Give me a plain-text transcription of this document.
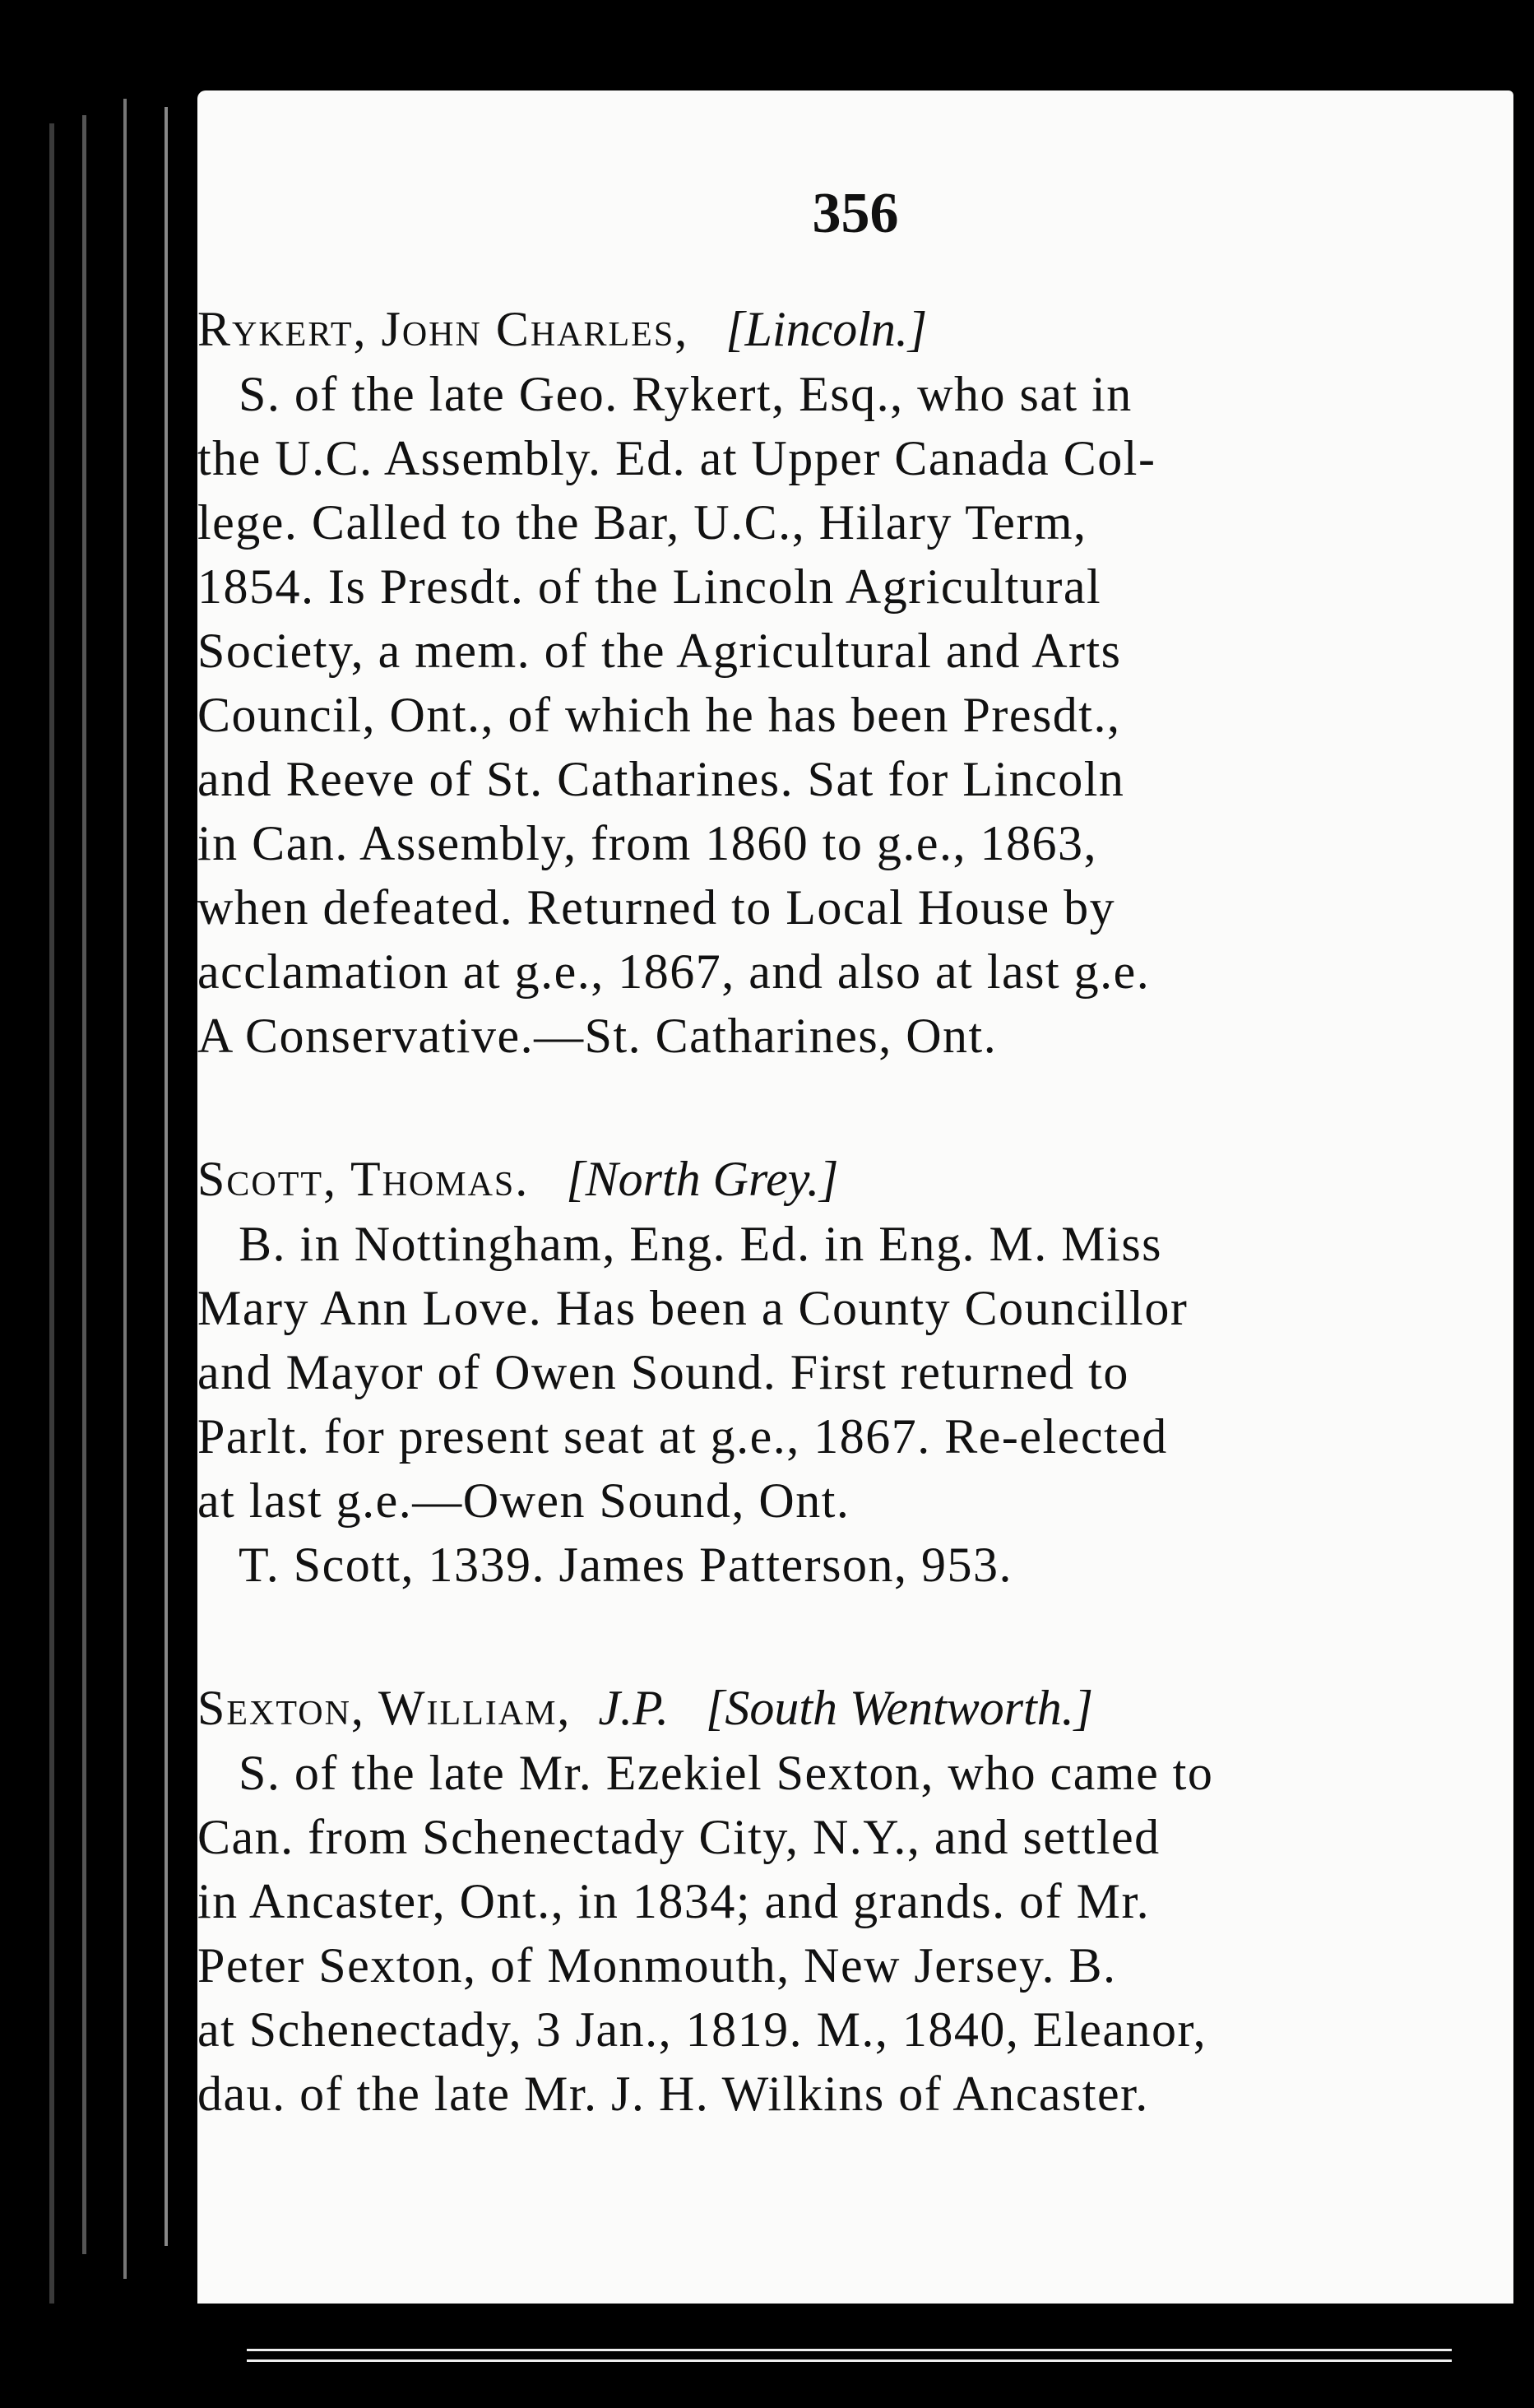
356
Rykert, John Charles, [Lincoln.]
S. of the late Geo. Rykert, Esq., who sat in
the U.C. Assembly. Ed. at Upper Canada Col-
lege. Called to the Bar, U.C., Hilary Term,
1854. Is Presdt. of the Lincoln Agricultural
Society, a mem. of the Agricultural and Arts
Council, Ont., of which he has been Presdt.,
and Reeve of St. Catharines. Sat for Lincoln
in Can. Assembly, from 1860 to g.e., 1863,
when defeated. Returned to Local House by
acclamation at g.e., 1867, and also at last g.e.
A Conservative.—St. Catharines, Ont.
Scott, Thomas. [North Grey.]
B. in Nottingham, Eng. Ed. in Eng. M. Miss
Mary Ann Love. Has been a County Councillor
and Mayor of Owen Sound. First returned to
Parlt. for present seat at g.e., 1867. Re-elected
at last g.e.—Owen Sound, Ont.
T. Scott, 1339. James Patterson, 953.
Sexton, William, J.P. [South Wentworth.]
S. of the late Mr. Ezekiel Sexton, who came to
Can. from Schenectady City, N.Y., and settled
in Ancaster, Ont., in 1834; and grands. of Mr.
Peter Sexton, of Monmouth, New Jersey. B.
at Schenectady, 3 Jan., 1819. M., 1840, Eleanor,
dau. of the late Mr. J. H. Wilkins of Ancaster.
